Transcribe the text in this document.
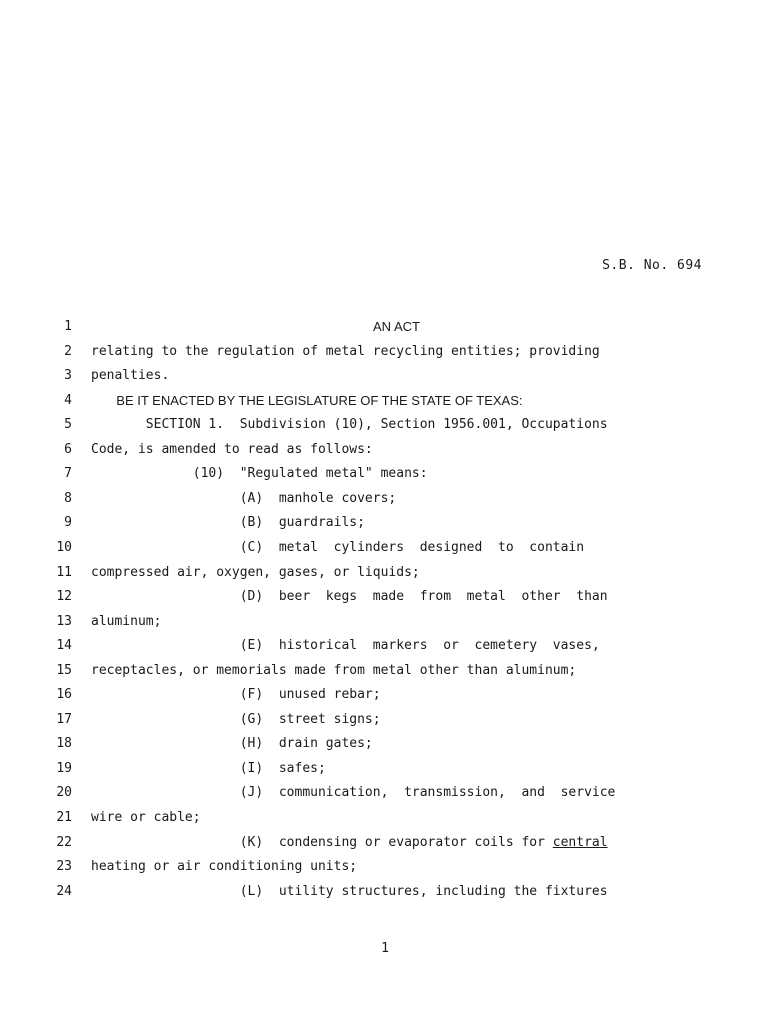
S.B. No. 694
1	AN ACT
2 relating to the regulation of metal recycling entities; providing
3 penalties.
4 BE IT ENACTED BY THE LEGISLATURE OF THE STATE OF TEXAS:
5 SECTION 1.  Subdivision (10), Section 1956.001, Occupations
6 Code, is amended to read as follows:
7 (10)  "Regulated metal" means:
8 (A)  manhole covers;
9 (B)  guardrails;
10 (C)  metal  cylinders  designed  to  contain
11 compressed air, oxygen, gases, or liquids;
12 (D)  beer  kegs  made  from  metal  other  than
13 aluminum;
14 (E)  historical  markers  or  cemetery  vases,
15 receptacles, or memorials made from metal other than aluminum;
16 (F)  unused rebar;
17 (G)  street signs;
18 (H)  drain gates;
19 (I)  safes;
20 (J)  communication,  transmission,  and  service
21 wire or cable;
22 (K)  condensing or evaporator coils for central
23 heating or air conditioning units;
24 (L)  utility structures, including the fixtures
1
